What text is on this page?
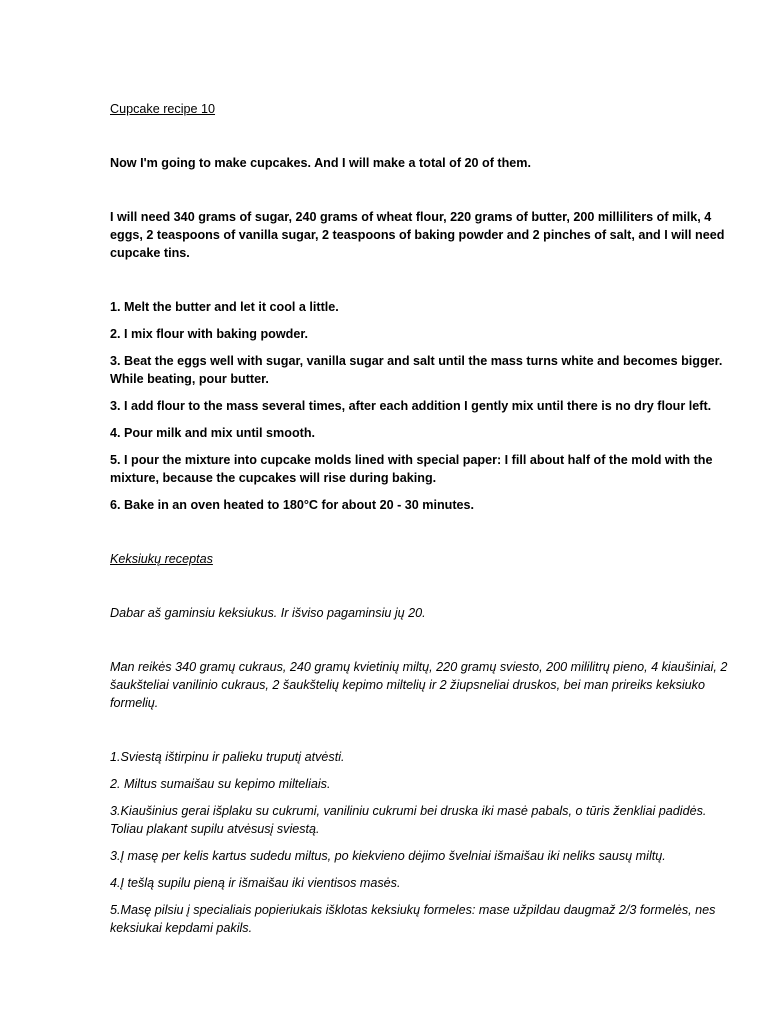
Cupcake recipe 10

Now I'm going to make cupcakes. And I will make a total of 20 of them.

I will need 340 grams of sugar, 240 grams of wheat flour, 220 grams of butter, 200 milliliters of milk, 4 eggs, 2 teaspoons of vanilla sugar, 2 teaspoons of baking powder and 2 pinches of salt, and I will need cupcake tins.

1. Melt the butter and let it cool a little.

2. I mix flour with baking powder.

3. Beat the eggs well with sugar, vanilla sugar and salt until the mass turns white and becomes bigger. While beating, pour butter.

3. I add flour to the mass several times, after each addition I gently mix until there is no dry flour left.

4. Pour milk and mix until smooth.

5. I pour the mixture into cupcake molds lined with special paper: I fill about half of the mold with the mixture, because the cupcakes will rise during baking.

6. Bake in an oven heated to 180°C for about 20 - 30 minutes.

Keksiukų receptas

Dabar aš gaminsiu keksiukus. Ir išviso pagaminsiu jų 20.

Man reikės 340 gramų cukraus, 240 gramų kvietinių miltų, 220 gramų sviesto, 200 mililitrų pieno, 4 kiaušiniai, 2 šaukšteliai vanilinio cukraus, 2 šaukštelių kepimo miltelių ir 2 žiupsneliai druskos, bei man prireiks keksiuko formelių.

1.Sviestą ištirpinu ir palieku truputį atvėsti.

2. Miltus sumaišau su kepimo milteliais.

3.Kiaušinius gerai išplaku su cukrumi, vaniliniu cukrumi bei druska iki masė pabals, o tūris ženkliai padidės. Toliau plakant supilu atvėsusį sviestą.

3.Į masę per kelis kartus sudedu miltus, po kiekvieno dėjimo švelniai išmaišau iki neliks sausų miltų.

4.Į tešlą supilu pieną ir išmaišau iki vientisos masės.

5.Masę pilsiu į specialiais popieriukais išklotas keksiukų formeles: mase užpildau daugmaž 2/3 formelės, nes keksiukai kepdami pakils.
